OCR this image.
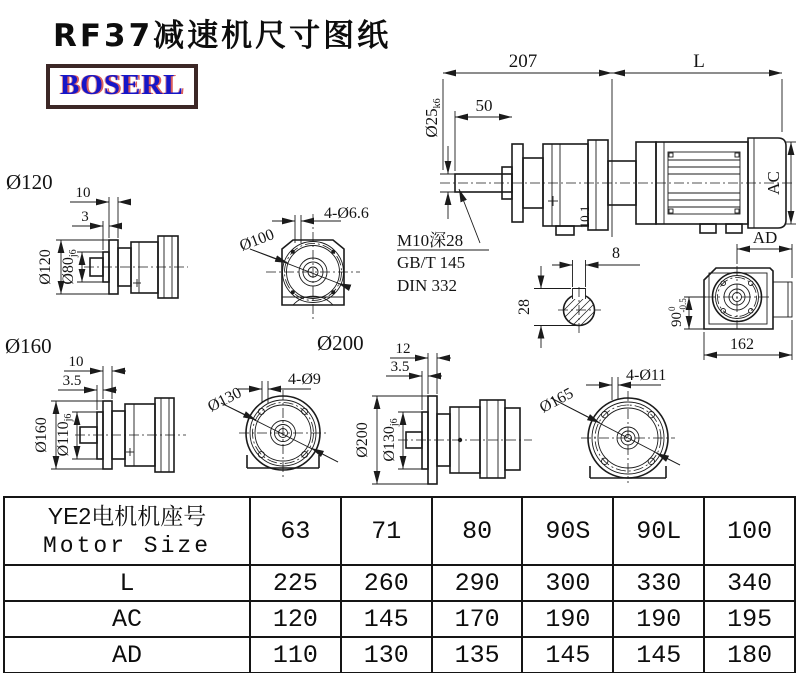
RF37减速机尺寸图纸
BOSERL
207	L
50
Ø25k6
AC
10.1
M10深28
GB/T 145
DIN 332
8
28
AD
$90^0-0.5$
162
Ø120 10
3
Ø120 Ø80j6
4-Ø6.6
Ø100
Ø160
10
3.5
Ø160 Ø110j6
4-Ø9
Ø130
Ø200 12
3.5
Ø200 Ø130j6
4-Ø11
Ø165
YE2电机机座号
Motor Size	63	71	80	90S	90L	100
L	225	260	290	300	330	340
AC	120	145	170	190	190	195
AD	110	130	135	145	145	180
